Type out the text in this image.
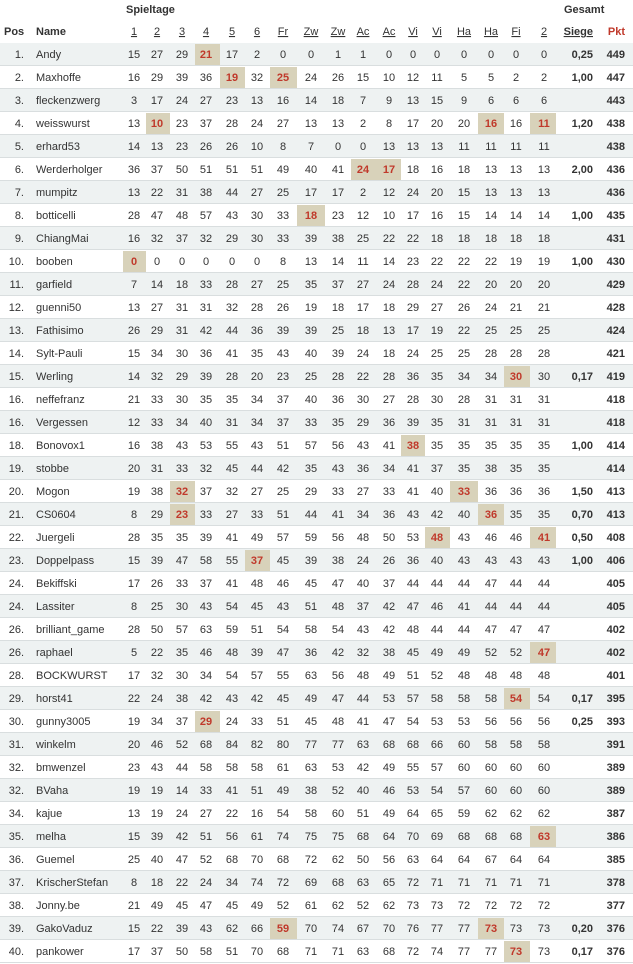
Spieltage	Gesamt
Pos Name	1 2 3 4 5 6 Fr Zw Zw Ac Ac Vi Vi Ha Ha Fi 2 Siege Pkt
1. Andy	15 27 29 21 17 2 0 0 1 1 0 0 0 0 0 0 0 0,25 449
2. Maxhoffe	16 29 39 36 19 32 25 24 26 15 10 12 11 5 5 2 2 1,00 447
3. fleckenzwerg	3 17 24 27 23 13 16 14 18 7 9 13 15 9 6 6 6	443
4. weisswurst	13 10 23 37 28 24 27 13 13 2 8 17 20 20 16 16 11 1,20 438
5. erhard53	14 13 23 26 26 10 8 7 0 0 13 13 13 11 11 11 11	438
6. Werderholger 36 37 50 51 51 51 49 40 41 24 17 18 16 18 13 13 13 2,00 436
7. mumpitz	13 22 31 38 44 27 25 17 17 2 12 24 20 15 13 13 13	436
8. botticelli	28 47 48 57 43 30 33 18 23 12 10 17 16 15 14 14 14 1,00 435
9. ChiangMai	16 32 37 32 29 30 33 39 38 25 22 22 18 18 18 18 18	431
10. booben	0 0 0 0 0 0 8 13 14 11 14 23 22 22 22 19 19 1,00 430
11. garfield	7 14 18 33 28 27 25 35 37 27 24 28 24 22 20 20 20	429
12. guenni50	13 27 31 31 32 28 26 19 18 17 18 29 27 26 24 21 21	428
13. Fathisimo	26 29 31 42 44 36 39 39 25 18 13 17 19 22 25 25 25	424
14. Sylt-Pauli	15 34 30 36 41 35 43 40 39 24 18 24 25 25 28 28 28	421
15. Werling	14 32 29 39 28 20 23 25 28 22 28 36 35 34 34 30 30 0,17 419
16. neffefranz	21 33 30 35 35 34 37 40 36 30 27 28 30 28 31 31 31	418
16. Vergessen	12 33 34 40 31 34 37 33 35 29 36 39 35 31 31 31 31	418
18. Bonovox1	16 38 43 53 55 43 51 57 56 43 41 38 35 35 35 35 35 1,00 414
19. stobbe	20 31 33 32 45 44 42 35 43 36 34 41 37 35 38 35 35	414
20. Mogon	19 38 32 37 32 27 25 29 33 27 33 41 40 33 36 36 36 1,50 413
21. CS0604	8 29 23 33 27 33 51 44 41 34 36 43 42 40 36 35 35 0,70 413
22. Juergeli	28 35 35 39 41 49 57 59 56 48 50 53 48 43 46 46 41 0,50 408
23. Doppelpass	15 39 47 58 55 37 45 39 38 24 26 36 40 43 43 43 43 1,00 406
24. Bekiffski	17 26 33 37 41 48 46 45 47 40 37 44 44 44 47 44 44	405
24. Lassiter	8 25 30 43 54 45 43 51 48 37 42 47 46 41 44 44 44	405
26. brilliant_game 28 50 57 63 59 51 54 58 54 43 42 48 44 44 47 47 47	402
26. raphael	5 22 35 46 48 39 47 36 42 32 38 45 49 49 52 52 47	402
28. BOCKWURST 17 32 30 34 54 57 55 63 56 48 49 51 52 48 48 48 48	401
29. horst41	22 24 38 42 43 42 45 49 47 44 53 57 58 58 58 54 54 0,17 395
30. gunny3005	19 34 37 29 24 33 51 45 48 41 47 54 53 53 56 56 56 0,25 393
31. winkelm	20 46 52 68 84 82 80 77 77 63 68 68 66 60 58 58 58	391
32. bmwenzel	23 43 44 58 58 58 61 63 53 42 49 55 57 60 60 60 60	389
32. BVaha	19 19 14 33 41 51 49 38 52 40 46 53 54 57 60 60 60	389
34. kajue	13 19 24 27 22 16 54 58 60 51 49 64 65 59 62 62 62	387
35. melha	15 39 42 51 56 61 74 75 75 68 64 70 69 68 68 68 63	386
36. Guemel	25 40 47 52 68 70 68 72 62 50 56 63 64 64 67 64 64	385
37. KrischerStefan 8 18 22 24 34 74 72 69 68 63 65 72 71 71 71 71 71	378
38. Jonny.be	21 49 45 47 45 49 52 61 62 52 62 73 73 72 72 72 72	377
39. GakoVaduz	15 22 39 43 62 66 59 70 74 67 70 76 77 77 73 73 73 0,20 376
40. pankower	17 37 50 58 51 70 68 71 71 63 68 72 74 77 77 73 73 0,17 376
